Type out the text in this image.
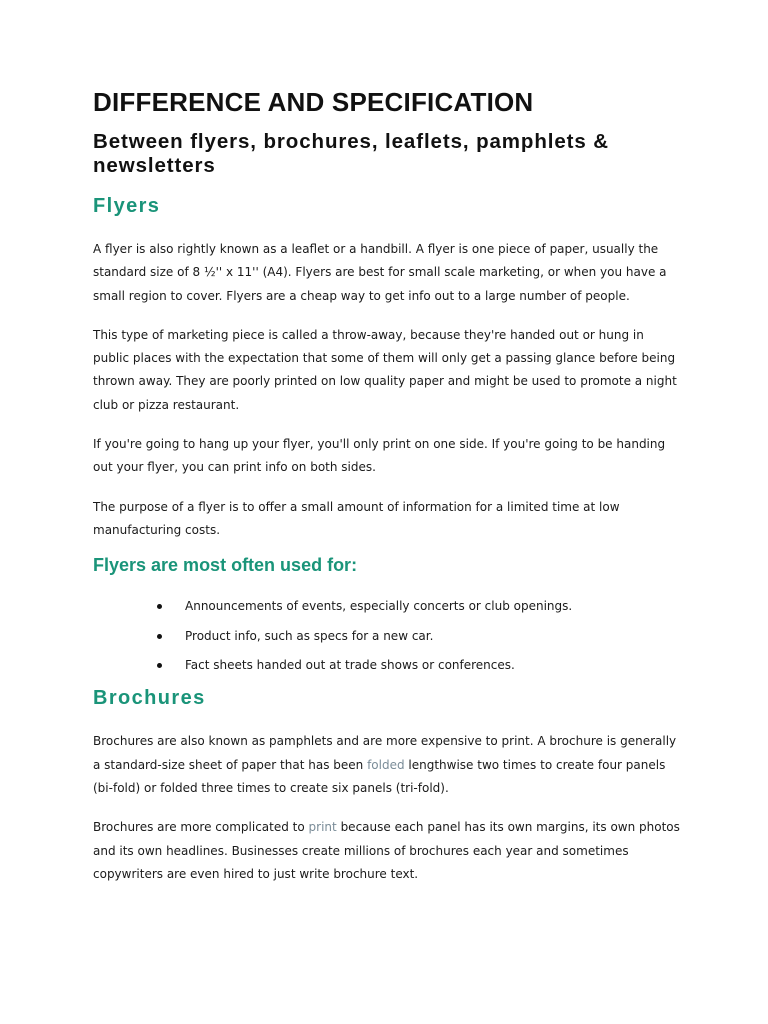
DIFFERENCE AND SPECIFICATION
Between flyers, brochures, leaflets, pamphlets & newsletters
Flyers

A flyer is also rightly known as a leaflet or a handbill. A flyer is one piece of paper, usually the standard size of 8 ½'' x 11'' (A4). Flyers are best for small scale marketing, or when you have a small region to cover. Flyers are a cheap way to get info out to a large number of people.

This type of marketing piece is called a throw-away, because they're handed out or hung in public places with the expectation that some of them will only get a passing glance before being thrown away. They are poorly printed on low quality paper and might be used to promote a night club or pizza restaurant.

If you're going to hang up your flyer, you'll only print on one side. If you're going to be handing out your flyer, you can print info on both sides.

The purpose of a flyer is to offer a small amount of information for a limited time at low manufacturing costs.

Flyers are most often used for:
Announcements of events, especially concerts or club openings.
Product info, such as specs for a new car.
Fact sheets handed out at trade shows or conferences.
Brochures

Brochures are also known as pamphlets and are more expensive to print. A brochure is generally a standard-size sheet of paper that has been folded lengthwise two times to create four panels (bi-fold) or folded three times to create six panels (tri-fold).

Brochures are more complicated to print because each panel has its own margins, its own photos and its own headlines. Businesses create millions of brochures each year and sometimes copywriters are even hired to just write brochure text.
